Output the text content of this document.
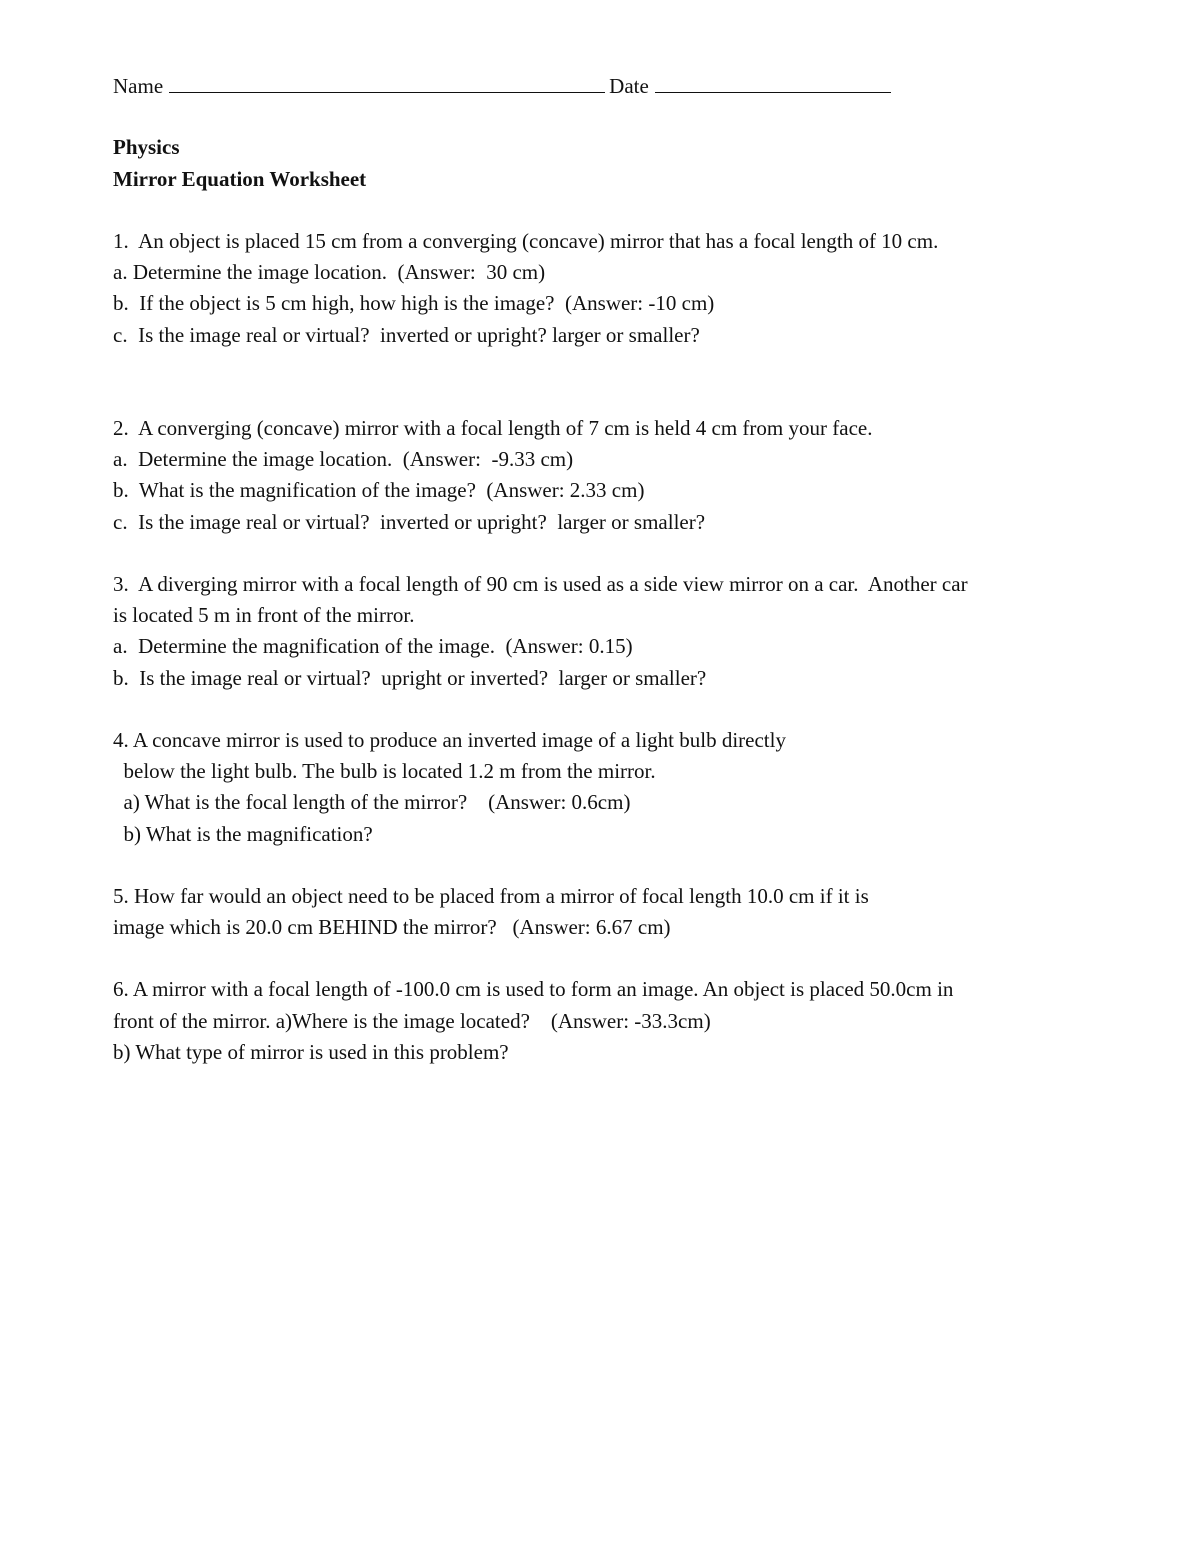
Name	Date
Physics
Mirror Equation Worksheet
1.  An object is placed 15 cm from a converging (concave) mirror that has a focal length of 10 cm.
a. Determine the image location.  (Answer:  30 cm)
b.  If the object is 5 cm high, how high is the image?  (Answer: -10 cm)
c.  Is the image real or virtual?  inverted or upright? larger or smaller?
2.  A converging (concave) mirror with a focal length of 7 cm is held 4 cm from your face.
a.  Determine the image location.  (Answer:  -9.33 cm)
b.  What is the magnification of the image?  (Answer: 2.33 cm)
c.  Is the image real or virtual?  inverted or upright?  larger or smaller?
3.  A diverging mirror with a focal length of 90 cm is used as a side view mirror on a car.  Another car
is located 5 m in front of the mirror.
a.  Determine the magnification of the image.  (Answer: 0.15)
b.  Is the image real or virtual?  upright or inverted?  larger or smaller?
4. A concave mirror is used to produce an inverted image of a light bulb directly
below the light bulb. The bulb is located 1.2 m from the mirror.
a) What is the focal length of the mirror?    (Answer: 0.6cm)
b) What is the magnification?
5. How far would an object need to be placed from a mirror of focal length 10.0 cm if it is
image which is 20.0 cm BEHIND the mirror?   (Answer: 6.67 cm)
6. A mirror with a focal length of -100.0 cm is used to form an image. An object is placed 50.0cm in
front of the mirror. a)Where is the image located?    (Answer: -33.3cm)
b) What type of mirror is used in this problem?
